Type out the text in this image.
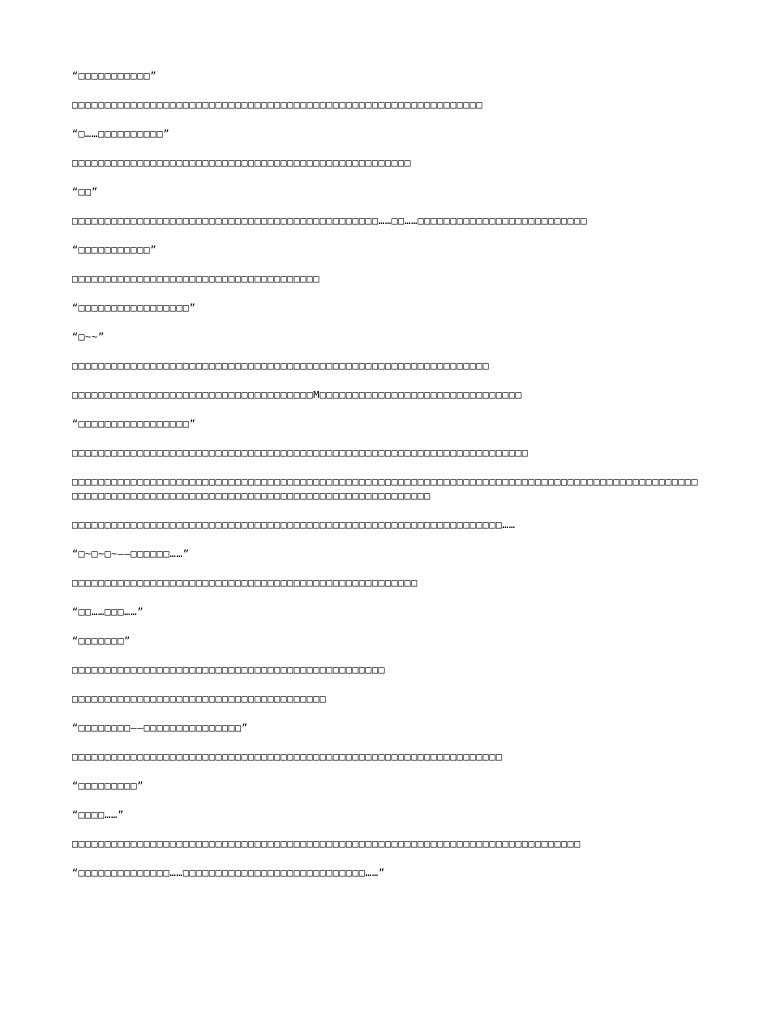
“□□□□□□□□□□□”

□□□□□□□□□□□□□□□□□□□□□□□□□□□□□□□□□□□□□□□□□□□□□□□□□□□□□□□□□□□□□□□

“□……□□□□□□□□□□”

□□□□□□□□□□□□□□□□□□□□□□□□□□□□□□□□□□□□□□□□□□□□□□□□□□□□

“□□”

□□□□□□□□□□□□□□□□□□□□□□□□□□□□□□□□□□□□□□□□□□□□□□□……□□……□□□□□□□□□□□□□□□□□□□□□□□□□□

“□□□□□□□□□□□”

□□□□□□□□□□□□□□□□□□□□□□□□□□□□□□□□□□□□□□

“□□□□□□□□□□□□□□□□□”

“□~~”

□□□□□□□□□□□□□□□□□□□□□□□□□□□□□□□□□□□□□□□□□□□□□□□□□□□□□□□□□□□□□□□□

□□□□□□□□□□□□□□□□□□□□□□□□□□□□□□□□□□□□□M□□□□□□□□□□□□□□□□□□□□□□□□□□□□□□□

“□□□□□□□□□□□□□□□□□”

□□□□□□□□□□□□□□□□□□□□□□□□□□□□□□□□□□□□□□□□□□□□□□□□□□□□□□□□□□□□□□□□□□□□□□

□□□□□□□□□□□□□□□□□□□□□□□□□□□□□□□□□□□□□□□□□□□□□□□□□□□□□□□□□□□□□□□□□□□□□□□□□□□□□□□□□□□□□□□□□□□□□□□□□□□□□□□□□□□□□□□□□□□□□□□□□□□□□□□□□□□□□□□□□□□□□□□□□□□□□□□

□□□□□□□□□□□□□□□□□□□□□□□□□□□□□□□□□□□□□□□□□□□□□□□□□□□□□□□□□□□□□□□□□□……

“□~□~□~——□□□□□□……”

□□□□□□□□□□□□□□□□□□□□□□□□□□□□□□□□□□□□□□□□□□□□□□□□□□□□□

“□□……□□□……”

“□□□□□□□”

□□□□□□□□□□□□□□□□□□□□□□□□□□□□□□□□□□□□□□□□□□□□□□□□

□□□□□□□□□□□□□□□□□□□□□□□□□□□□□□□□□□□□□□□

“□□□□□□□□——□□□□□□□□□□□□□□□”

□□□□□□□□□□□□□□□□□□□□□□□□□□□□□□□□□□□□□□□□□□□□□□□□□□□□□□□□□□□□□□□□□□

“□□□□□□□□□”

“□□□□……”

□□□□□□□□□□□□□□□□□□□□□□□□□□□□□□□□□□□□□□□□□□□□□□□□□□□□□□□□□□□□□□□□□□□□□□□□□□□□□□

“□□□□□□□□□□□□□□……□□□□□□□□□□□□□□□□□□□□□□□□□□□□……”
